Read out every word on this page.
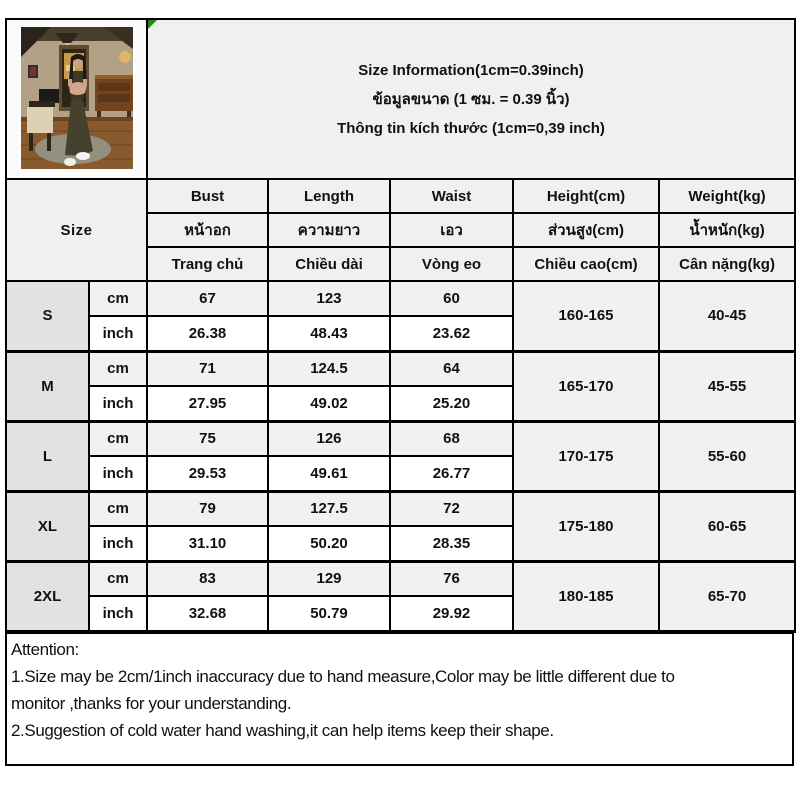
Size Information(1cm=0.39inch)
ข้อมูลขนาด (1 ซม. = 0.39 นิ้ว)
Thông tin kích thước (1cm=0,39 inch)				

Size		Bust	Length	Waist	Height(cm)	Weight(kg)
		หน้าอก	ความยาว	เอว	ส่วนสูง(cm)	น้ำหนัก(kg)
		Trang chủ	Chiều dài	Vòng eo	Chiều cao(cm)	Cân nặng(kg)
S	cm	67	123	60	160-165	40-45
	inch	26.38	48.43	23.62		
M	cm	71	124.5	64	165-170	45-55
	inch	27.95	49.02	25.20		
L	cm	75	126	68	170-175	55-60
	inch	29.53	49.61	26.77		
XL	cm	79	127.5	72	175-180	60-65
	inch	31.10	50.20	28.35		
2XL	cm	83	129	76	180-185	65-70
	inch	32.68	50.79	29.92		
Attention:
1.Size may be 2cm/1inch inaccuracy due to hand measure,Color may be little different due to
monitor ,thanks for your understanding.
2.Suggestion of cold water hand washing,it can help items keep their shape.
